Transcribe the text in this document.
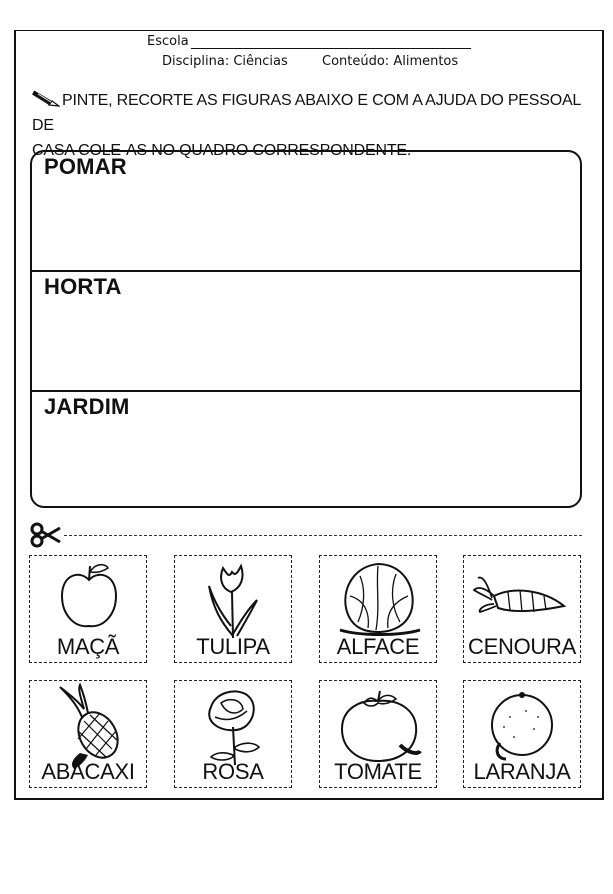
Escola
Disciplina: Ciências	Conteúdo: Alimentos
PINTE, RECORTE AS FIGURAS ABAIXO E COM A AJUDA DO PESSOAL DE
CASA COLE-AS NO QUADRO CORRESPONDENTE.
POMAR
HORTA
JARDIM
MAÇÃ	TULIPA	ALFACE	CENOURA
ABACAXI	ROSA	TOMATE	LARANJA
